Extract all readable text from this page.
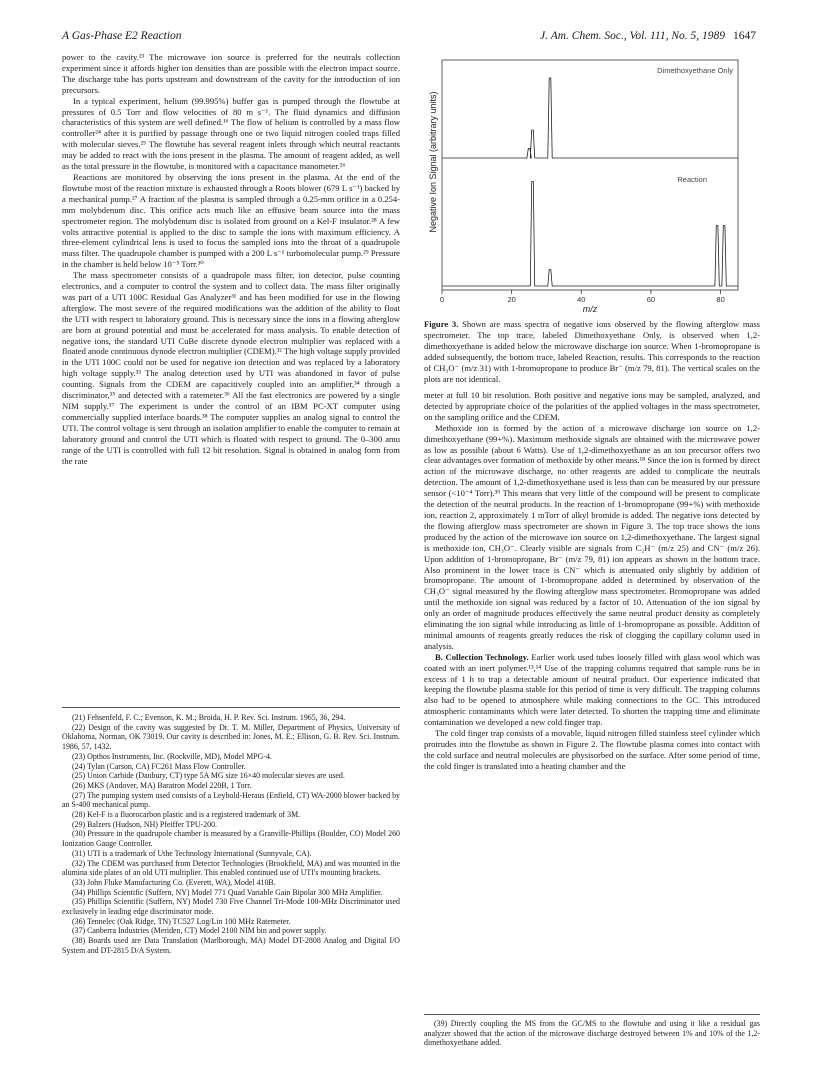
A Gas-Phase E2 Reaction	J. Am. Chem. Soc., Vol. 111, No. 5, 1989 1647

power to the cavity.²³ The microwave ion source is preferred for the neutrals collection experiment since it affords higher ion densities than are possible with the electron impact source. The discharge tube has ports upstream and downstream of the cavity for the introduction of ion precursors.

In a typical experiment, helium (99.995%) buffer gas is pumped through the flowtube at pressures of 0.5 Torr and flow velocities of 80 m s⁻¹. The fluid dynamics and diffusion characteristics of this system are well defined.¹⁶ The flow of helium is controlled by a mass flow controller²⁴ after it is purified by passage through one or two liquid nitrogen cooled traps filled with molecular sieves.²⁵ The flowtube has several reagent inlets through which neutral reactants may be added to react with the ions present in the plasma. The amount of reagent added, as well as the total pressure in the flowtube, is monitored with a capacitance manometer.²⁶

Reactions are monitored by observing the ions present in the plasma. At the end of the flowtube most of the reaction mixture is exhausted through a Roots blower (679 L s⁻¹) backed by a mechanical pump.²⁷ A fraction of the plasma is sampled through a 0.25-mm orifice in a 0.254-mm molybdenum disc. This orifice acts much like an effusive beam source into the mass spectrometer region. The molybdenum disc is isolated from ground on a Kel-F insulator.²⁸ A few volts attractive potential is applied to the disc to sample the ions with maximum efficiency. A three-element cylindrical lens is used to focus the sampled ions into the throat of a quadrupole mass filter. The quadrupole chamber is pumped with a 200 L s⁻¹ turbomolecular pump.²⁹ Pressure in the chamber is held below 10⁻⁵ Torr.³⁰

The mass spectrometer consists of a quadrupole mass filter, ion detector, pulse counting electronics, and a computer to control the system and to collect data. The mass filter originally was part of a UTI 100C Residual Gas Analyzer³¹ and has been modified for use in the flowing afterglow. The most severe of the required modifications was the addition of the ability to float the UTI with respect to laboratory ground. This is necessary since the ions in a flowing afterglow are born at ground potential and must be accelerated for mass analysis. To enable detection of negative ions, the standard UTI CuBe discrete dynode electron multiplier was replaced with a floated anode continuous dynode electron multiplier (CDEM).³² The high voltage supply provided in the UTI 100C could not be used for negative ion detection and was replaced by a laboratory high voltage supply.³³ The analog detection used by UTI was abandoned in favor of pulse counting. Signals from the CDEM are capacitively coupled into an amplifier,³⁴ through a discriminator,³⁵ and detected with a ratemeter.³⁶ All the fast electronics are powered by a single NIM supply.³⁷ The experiment is under the control of an IBM PC-XT computer using commercially supplied interface boards.³⁸ The computer supplies an analog signal to control the UTI. The control voltage is sent through an isolation amplifier to enable the computer to remain at laboratory ground and control the UTI which is floated with respect to ground. The 0–300 amu range of the UTI is controlled with full 12 bit resolution. Signal is obtained in analog form from the rate

(21) Fehsenfeld, F. C.; Evenson, K. M.; Broida, H. P. Rev. Sci. Instrum. 1965, 36, 294.

(22) Design of the cavity was suggested by Dr. T. M. Miller, Department of Physics, University of Oklahoma, Norman, OK 73019. Our cavity is described in: Jones, M. E.; Ellison, G. B. Rev. Sci. Instrum. 1986, 57, 1432.

(23) Opthos Instruments, Inc. (Rockville, MD), Model MPG-4.

(24) Tylan (Carson, CA) FC261 Mass Flow Controller.

(25) Union Carbide (Danbury, CT) type 5A MG size 16×40 molecular sieves are used.

(26) MKS (Andover, MA) Baratron Model 220B, 1 Torr.

(27) The pumping system used consists of a Leybold-Heraus (Enfield, CT) WA-2000 blower backed by an S-400 mechanical pump.

(28) Kel-F is a fluorocarbon plastic and is a registered trademark of 3M.

(29) Balzers (Hudson, NH) Pfeiffer TPU-200.

(30) Pressure in the quadrupole chamber is measured by a Granville-Phillips (Boulder, CO) Model 260 Ionization Gauge Controller.

(31) UTI is a trademark of Uthe Technology International (Sunnyvale, CA).

(32) The CDEM was purchased from Detector Technologies (Brookfield, MA) and was mounted in the alumina side plates of an old UTI multiplier. This enabled continued use of UTI's mounting brackets.

(33) John Fluke Manufacturing Co. (Everett, WA), Model 410B.

(34) Phillips Scientific (Suffern, NY) Model 771 Quad Variable Gain Bipolar 300 MHz Amplifier.

(35) Phillips Scientific (Suffern, NY) Model 730 Five Channel Tri-Mode 100-MHz Discriminator used exclusively in leading edge discriminator mode.

(36) Tennelec (Oak Ridge, TN) TC527 Log/Lin 100 MHz Ratemeter.

(37) Canberra Industries (Meriden, CT) Model 2100 NIM bin and power supply.

(38) Boards used are Data Translation (Marlborough, MA) Model DT-2808 Analog and Digital I/O System and DT-2815 D/A System.

Negative Ion Signal (arbitrary units)
Dimethoxyethane Only
Reaction
0	20	40	60	80
m/z
Figure 3. Shown are mass spectra of negative ions observed by the flowing afterglow mass spectrometer. The top trace, labeled Dimethoxyethane Only, is observed when 1,2-dimethoxyethane is added below the microwave discharge ion source. When 1-bromopropane is added subsequently, the bottom trace, labeled Reaction, results. This corresponds to the reaction of CH₃O⁻ (m/z 31) with 1-bromopropane to produce Br⁻ (m/z 79, 81). The vertical scales on the plots are not identical.

meter at full 10 bit resolution. Both positive and negative ions may be sampled, analyzed, and detected by appropriate choice of the polarities of the applied voltages in the mass spectrometer, on the sampling orifice and the CDEM.

Methoxide ion is formed by the action of a microwave discharge ion source on 1,2-dimethoxyethane (99+%). Maximum methoxide signals are obtained with the microwave power as low as possible (about 6 Watts). Use of 1,2-dimethoxyethane as an ion precursor offers two clear advantages over formation of methoxide by other means.¹⁸ Since the ion is formed by direct action of the microwave discharge, no other reagents are added to complicate the neutrals detection. The amount of 1,2-dimethoxyethane used is less than can be measured by our pressure sensor (<10⁻⁴ Torr).³⁹ This means that very little of the compound will be present to complicate the detection of the neutral products. In the reaction of 1-bromopropane (99+%) with methoxide ion, reaction 2, approximately 1 mTorr of alkyl bromide is added. The negative ions detected by the flowing afterglow mass spectrometer are shown in Figure 3. The top trace shows the ions produced by the action of the microwave ion source on 1,2-dimethoxyethane. The largest signal is methoxide ion, CH₃O⁻. Clearly visible are signals from C₂H⁻ (m/z 25) and CN⁻ (m/z 26). Upon addition of 1-bromopropane, Br⁻ (m/z 79, 81) ion appears as shown in the bottom trace. Also prominent in the lower trace is CN⁻ which is attenuated only slightly by addition of bromopropane. The amount of 1-bromopropane added is determined by observation of the CH₃O⁻ signal measured by the flowing afterglow mass spectrometer. Bromopropane was added until the methoxide ion signal was reduced by a factor of 10. Attenuation of the ion signal by only an order of magnitude produces effectively the same neutral product density as completely eliminating the ion signal while introducing as little of 1-bromopropane as possible. Addition of minimal amounts of reagents greatly reduces the risk of clogging the capillary column used in analysis.

B. Collection Technology. Earlier work used tubes loosely filled with glass wool which was coated with an inert polymer.¹³,¹⁴ Use of the trapping columns required that sample runs be in excess of 1 h to trap a detectable amount of neutral product. Our experience indicated that keeping the flowtube plasma stable for this period of time is very difficult. The trapping columns also had to be opened to atmosphere while making connections to the GC. This introduced atmospheric contaminants which were later detected. To shorten the trapping time and eliminate contamination we developed a new cold finger trap.

The cold finger trap consists of a movable, liquid nitrogen filled stainless steel cylinder which protrudes into the flowtube as shown in Figure 2. The flowtube plasma comes into contact with the cold surface and neutral molecules are physisorbed on the surface. After some period of time, the cold finger is translated into a heating chamber and the

(39) Directly coupling the MS from the GC/MS to the flowtube and using it like a residual gas analyzer showed that the action of the microwave discharge destroyed between 1% and 10% of the 1,2-dimethoxyethane added.
